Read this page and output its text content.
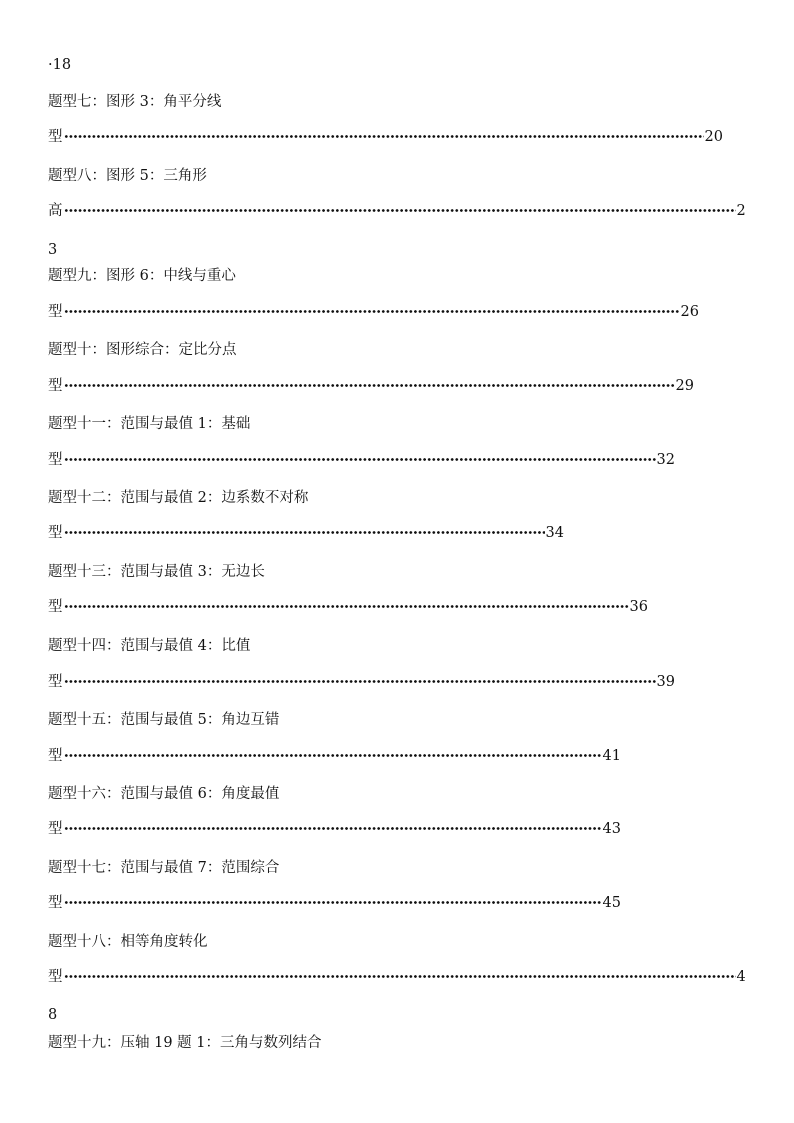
·18
题型七：图形 3：角平分线
型	20
题型八：图形 5：三角形
高	2
3
题型九：图形 6：中线与重心
型	26
题型十：图形综合：定比分点
型	29
题型十一：范围与最值 1：基础
型	32
题型十二：范围与最值 2：边系数不对称
型	34
题型十三：范围与最值 3：无边长
型	36
题型十四：范围与最值 4：比值
型	39
题型十五：范围与最值 5：角边互错
型	41
题型十六：范围与最值 6：角度最值
型	43
题型十七：范围与最值 7：范围综合
型	45
题型十八：相等角度转化
型	4
8
题型十九：压轴 19 题 1：三角与数列结合
